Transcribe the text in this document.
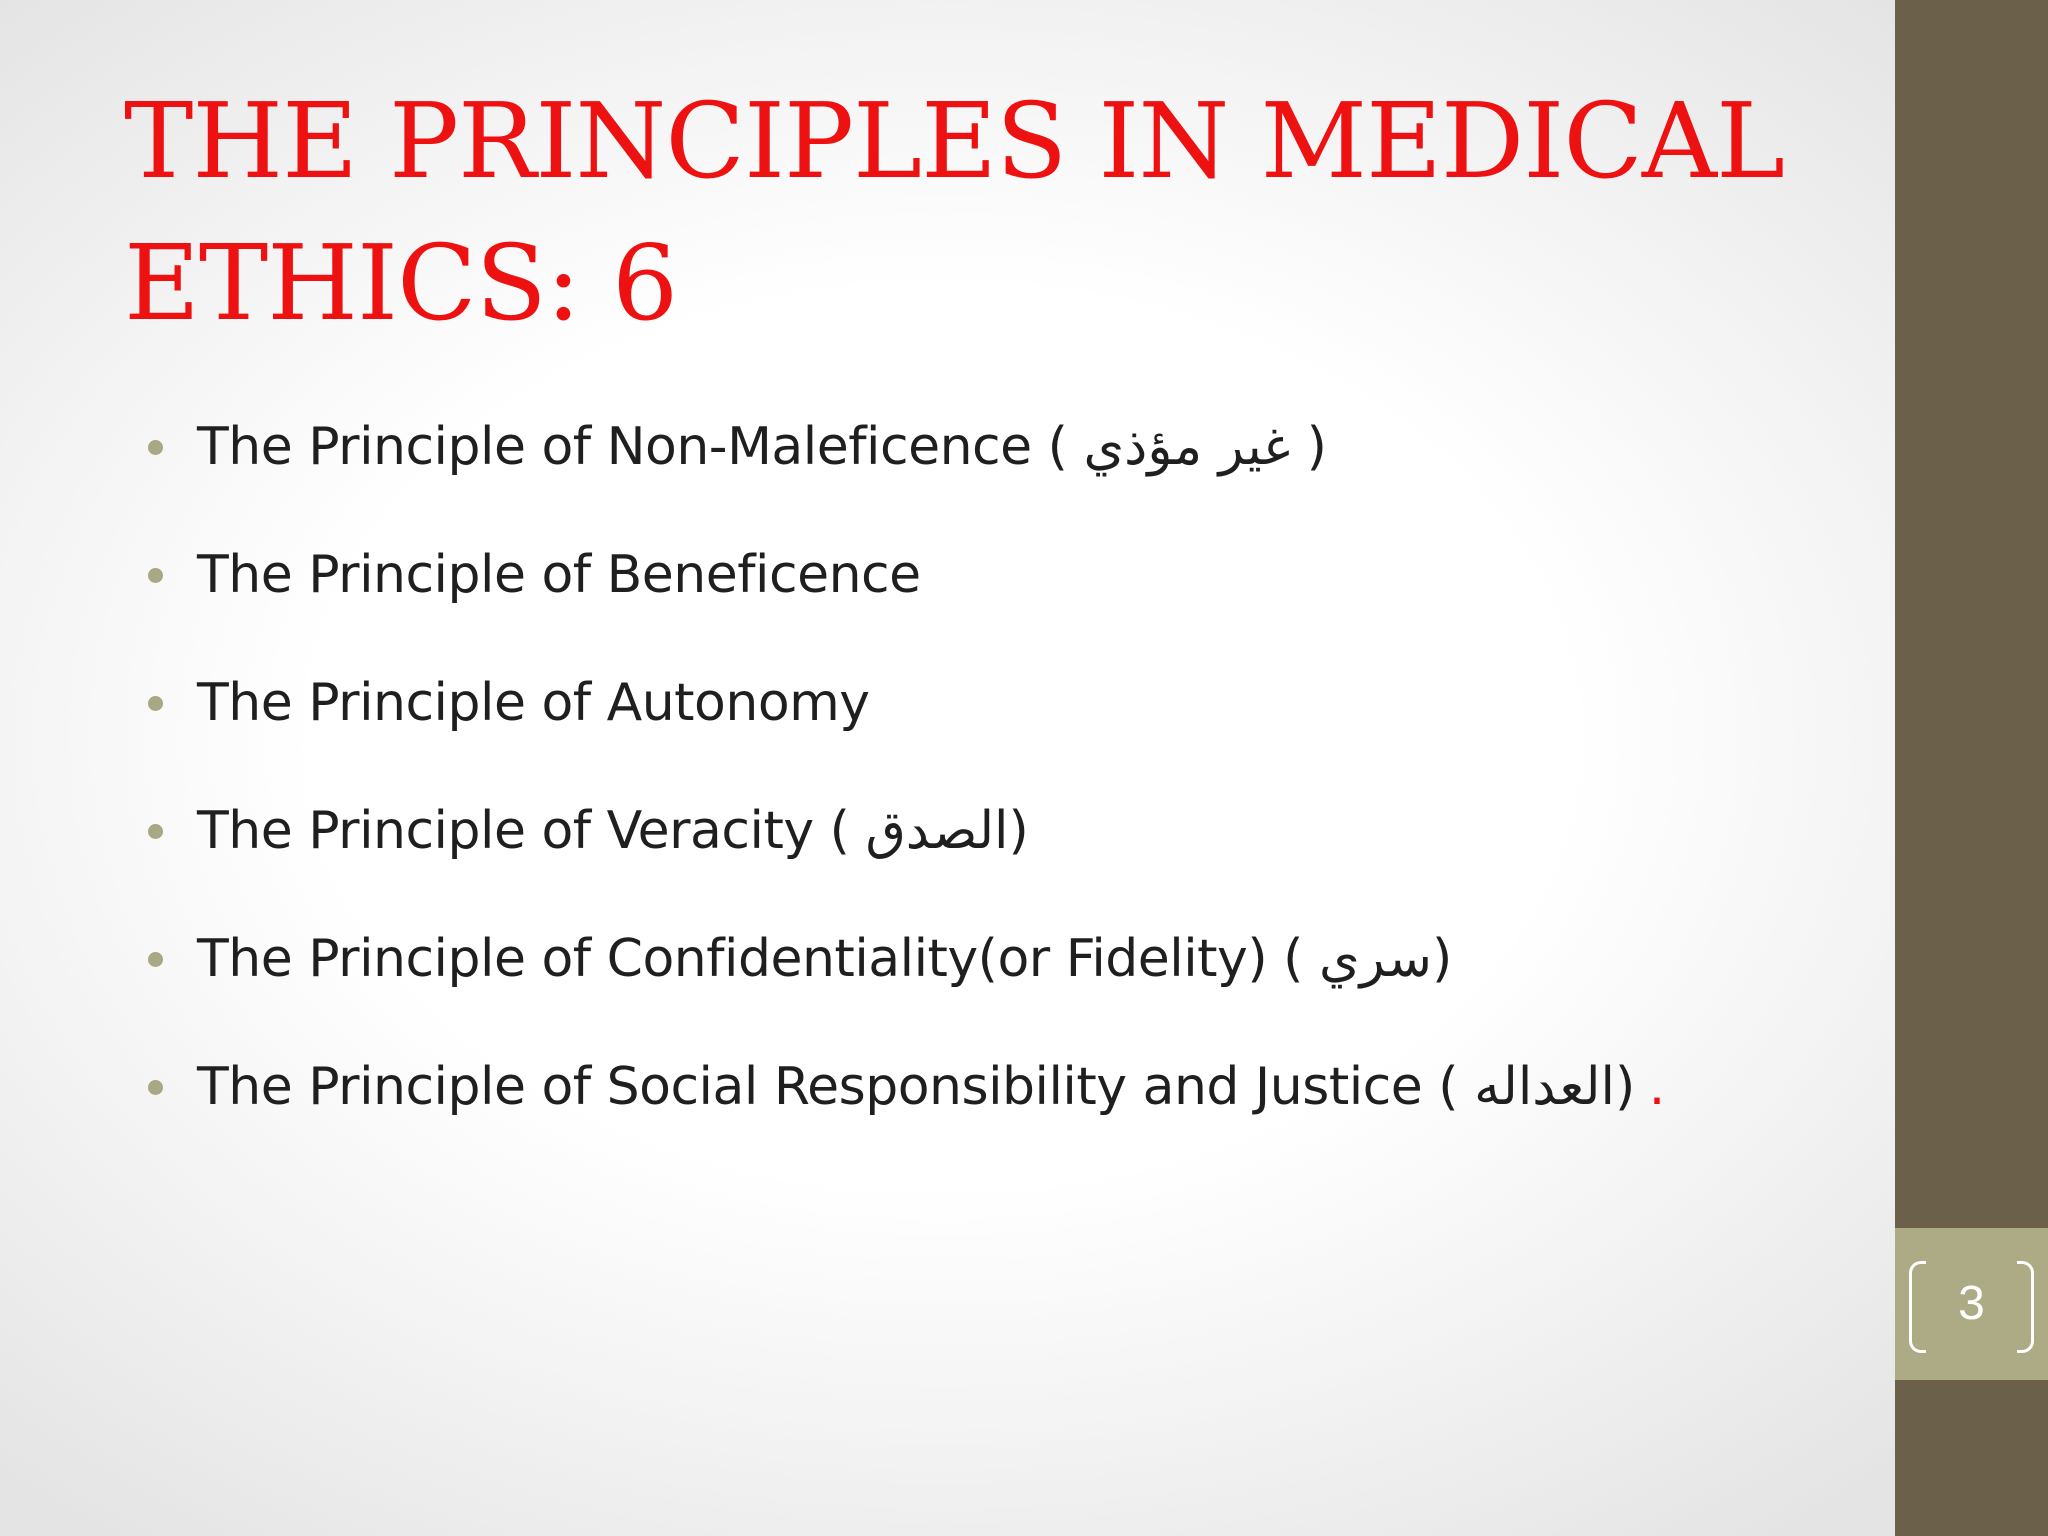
THE PRINCIPLES IN MEDICAL ETHICS: 6
The Principle of Non-Maleficence ( غير مؤذي )
The Principle of Beneficence
The Principle of Autonomy
The Principle of Veracity ( الصدق)
The Principle of Confidentiality(or Fidelity) ( سري)
The Principle of Social Responsibility and Justice ( العداله) .
3
